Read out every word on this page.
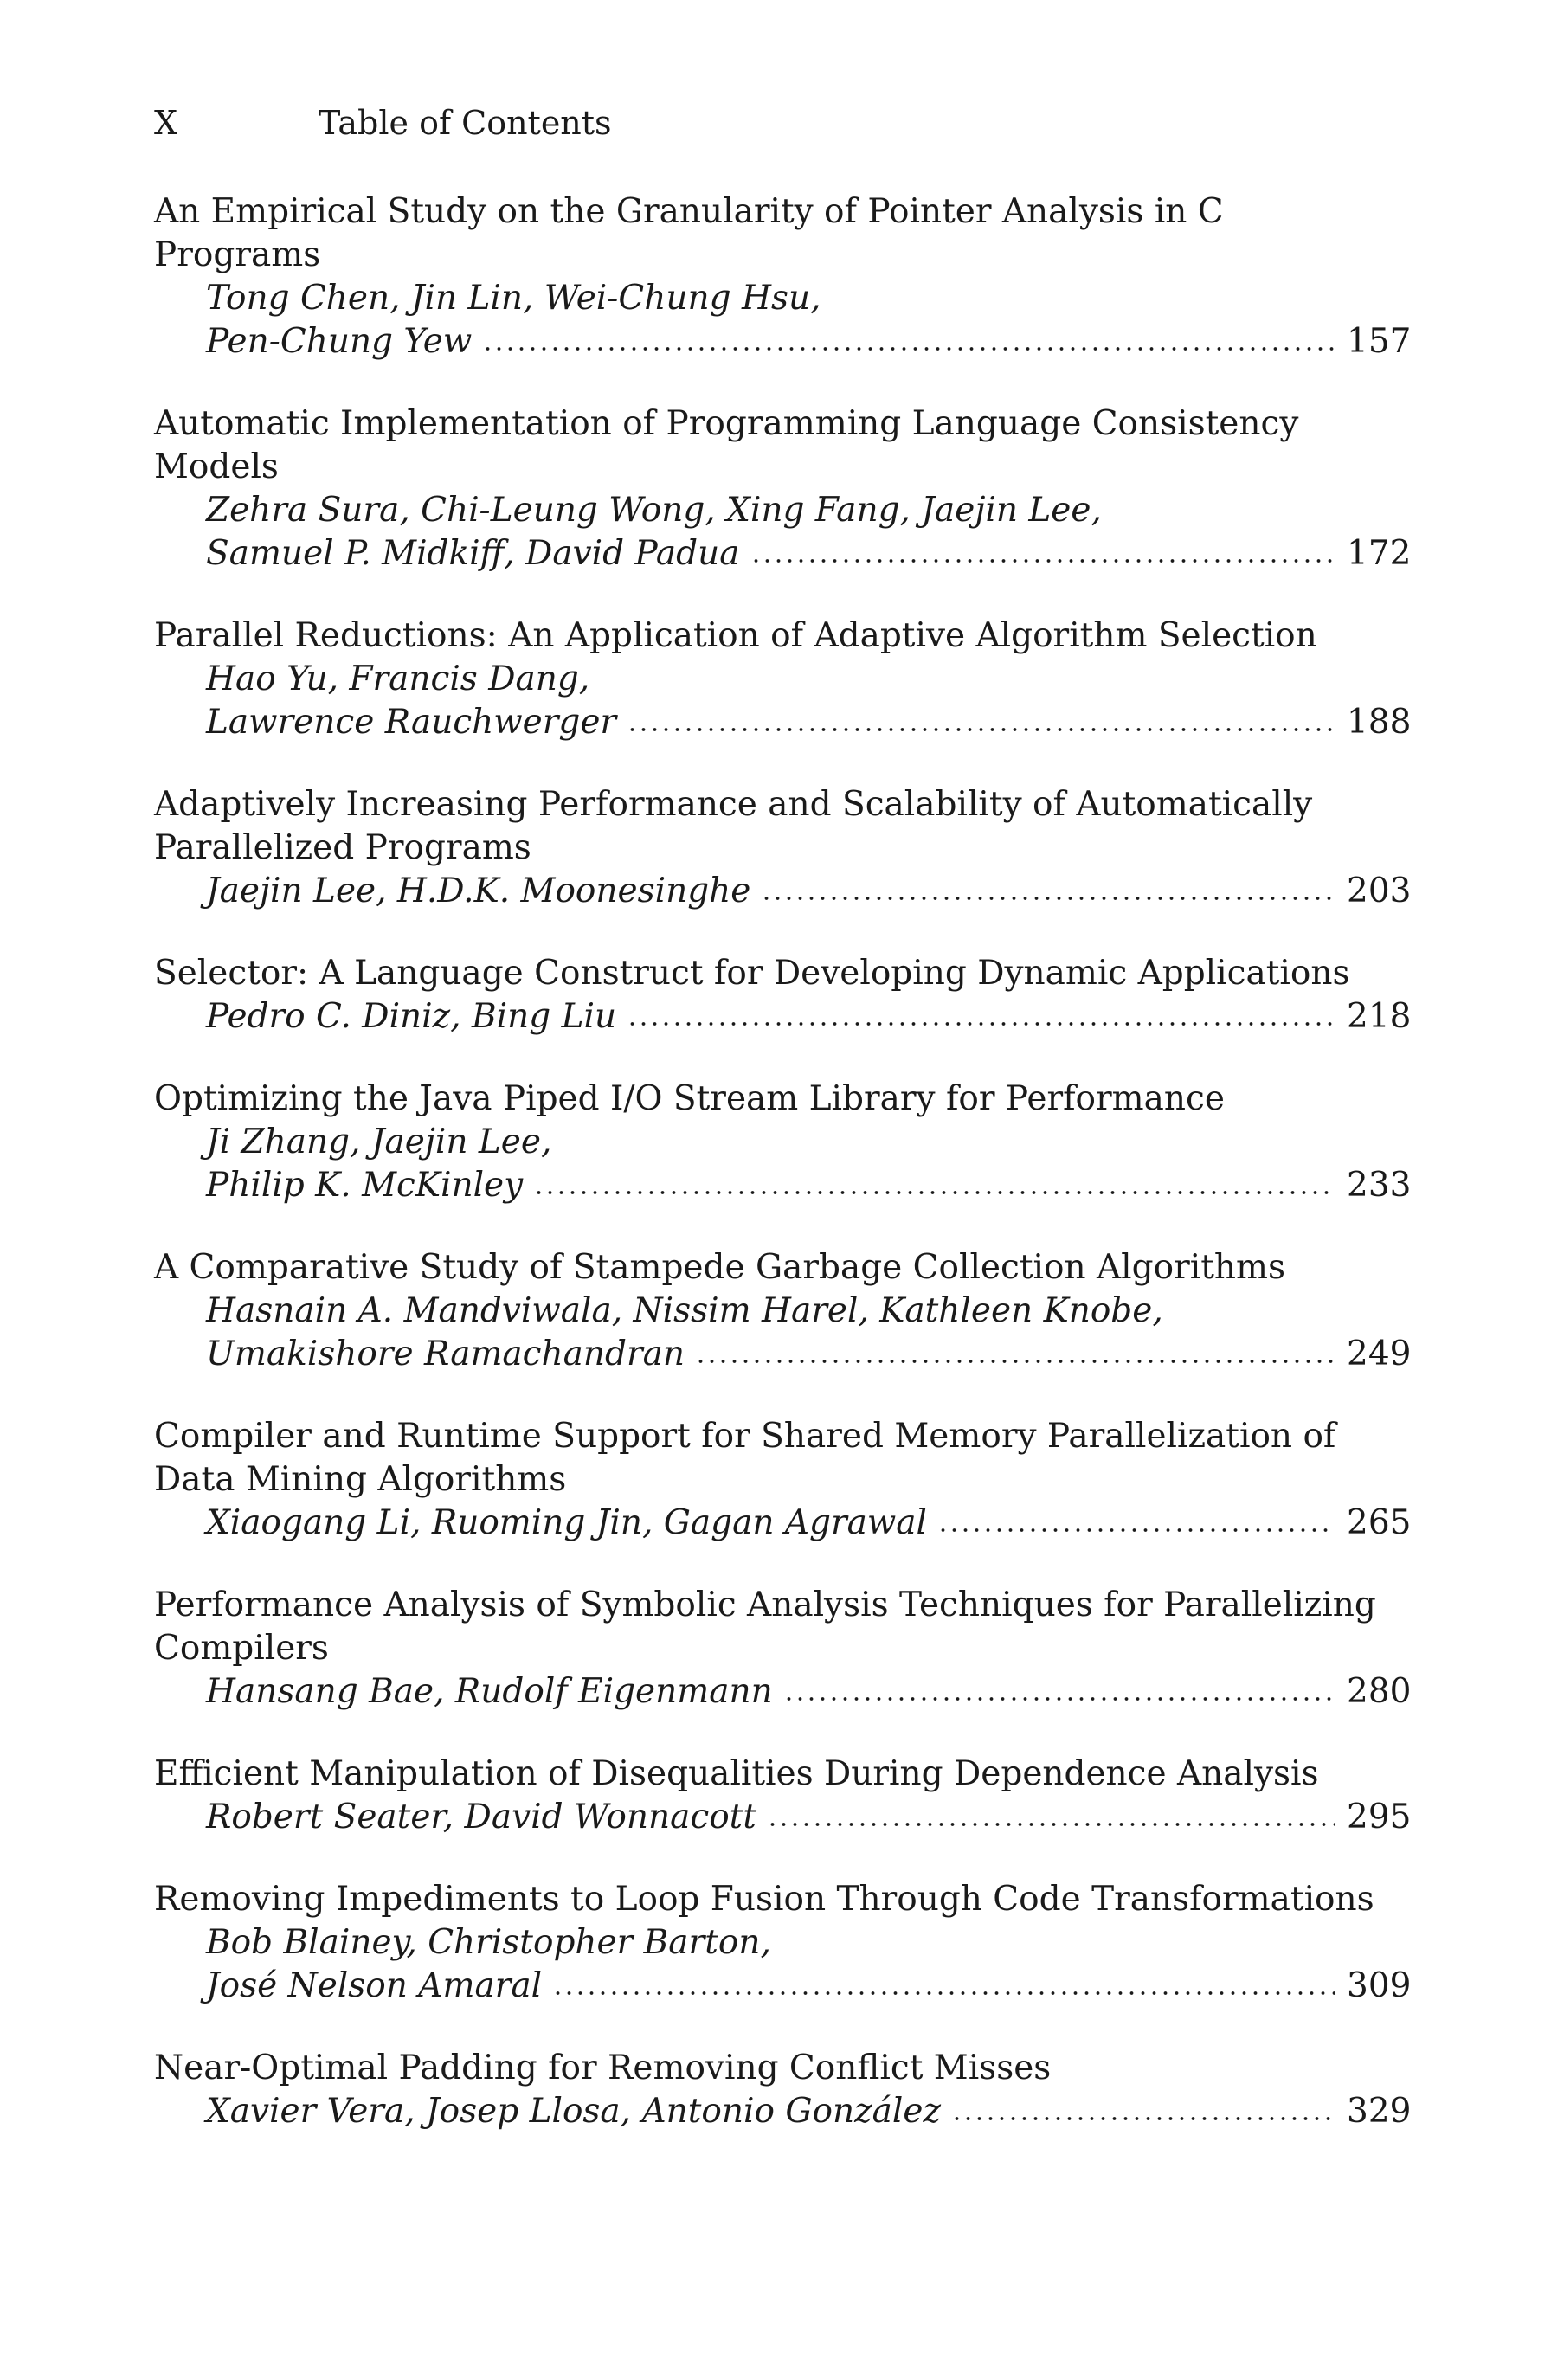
X	Table of Contents
An Empirical Study on the Granularity of Pointer Analysis in C
Programs
Tong Chen, Jin Lin, Wei-Chung Hsu,
Pen-Chung Yew	157
Automatic Implementation of Programming Language Consistency
Models
Zehra Sura, Chi-Leung Wong, Xing Fang, Jaejin Lee,
Samuel P. Midkiff, David Padua	172
Parallel Reductions: An Application of Adaptive Algorithm Selection
Hao Yu, Francis Dang,
Lawrence Rauchwerger	188
Adaptively Increasing Performance and Scalability of Automatically
Parallelized Programs
Jaejin Lee, H.D.K. Moonesinghe	203
Selector: A Language Construct for Developing Dynamic Applications
Pedro C. Diniz, Bing Liu	218
Optimizing the Java Piped I/O Stream Library for Performance
Ji Zhang, Jaejin Lee,
Philip K. McKinley	233
A Comparative Study of Stampede Garbage Collection Algorithms
Hasnain A. Mandviwala, Nissim Harel, Kathleen Knobe,
Umakishore Ramachandran	249
Compiler and Runtime Support for Shared Memory Parallelization of
Data Mining Algorithms
Xiaogang Li, Ruoming Jin, Gagan Agrawal	265
Performance Analysis of Symbolic Analysis Techniques for Parallelizing
Compilers
Hansang Bae, Rudolf Eigenmann	280
Efficient Manipulation of Disequalities During Dependence Analysis
Robert Seater, David Wonnacott	295
Removing Impediments to Loop Fusion Through Code Transformations
Bob Blainey, Christopher Barton,
José Nelson Amaral	309
Near-Optimal Padding for Removing Conflict Misses
Xavier Vera, Josep Llosa, Antonio González	329
